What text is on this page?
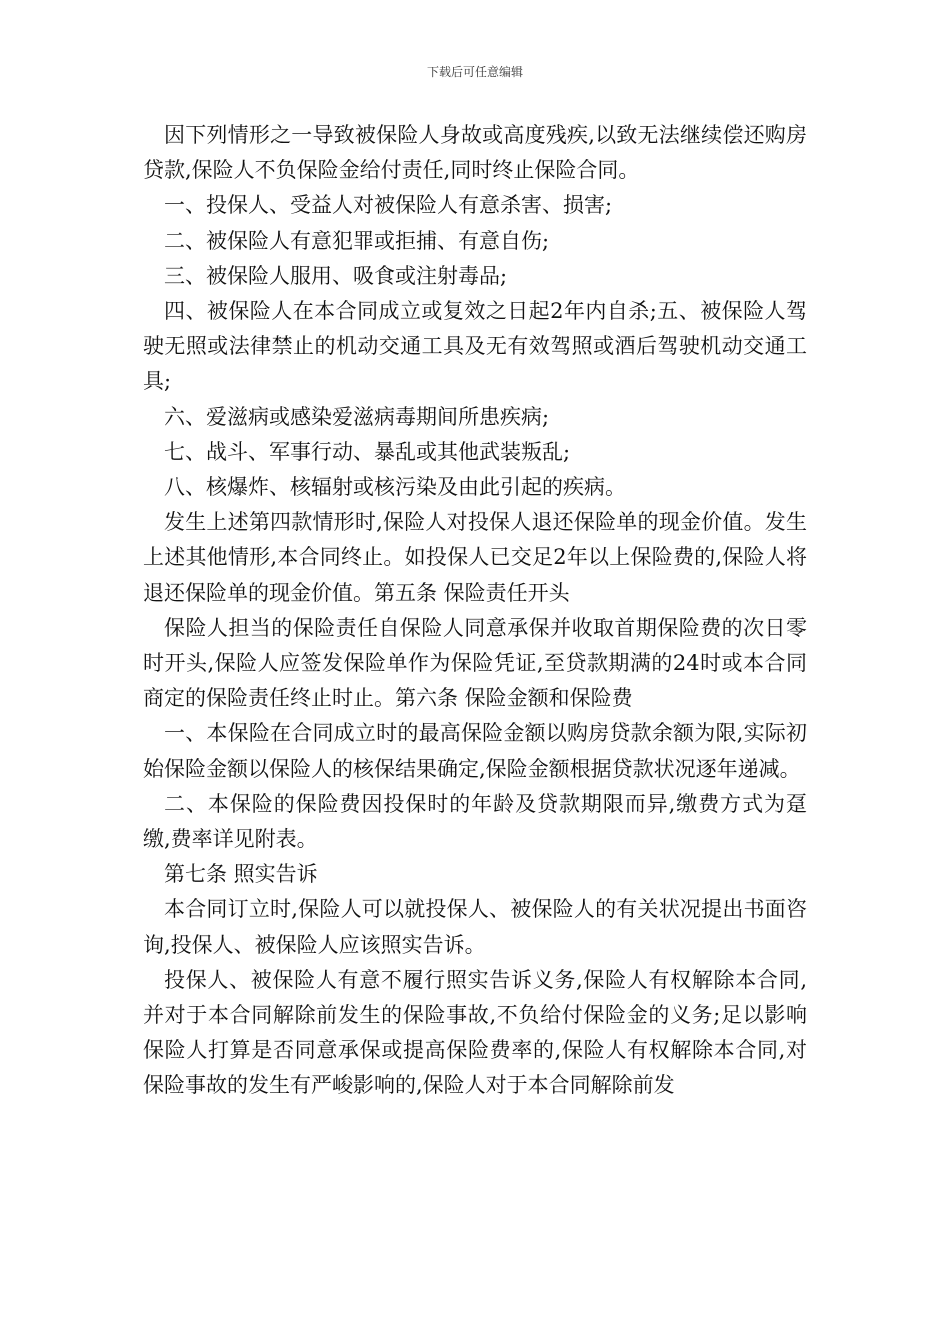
下载后可任意编辑

因下列情形之一导致被保险人身故或高度残疾,以致无法继续偿还购房贷款,保险人不负保险金给付责任,同时终止保险合同。

一、投保人、受益人对被保险人有意杀害、损害;

二、被保险人有意犯罪或拒捕、有意自伤;

三、被保险人服用、吸食或注射毒品;

四、被保险人在本合同成立或复效之日起2年内自杀;五、被保险人驾驶无照或法律禁止的机动交通工具及无有效驾照或酒后驾驶机动交通工具;

六、爱滋病或感染爱滋病毒期间所患疾病;

七、战斗、军事行动、暴乱或其他武装叛乱;

八、核爆炸、核辐射或核污染及由此引起的疾病。

发生上述第四款情形时,保险人对投保人退还保险单的现金价值。发生上述其他情形,本合同终止。如投保人已交足2年以上保险费的,保险人将退还保险单的现金价值。第五条 保险责任开头

保险人担当的保险责任自保险人同意承保并收取首期保险费的次日零时开头,保险人应签发保险单作为保险凭证,至贷款期满的24时或本合同商定的保险责任终止时止。第六条 保险金额和保险费

一、本保险在合同成立时的最高保险金额以购房贷款余额为限,实际初始保险金额以保险人的核保结果确定,保险金额根据贷款状况逐年递减。

二、本保险的保险费因投保时的年龄及贷款期限而异,缴费方式为趸缴,费率详见附表。

第七条 照实告诉

本合同订立时,保险人可以就投保人、被保险人的有关状况提出书面咨询,投保人、被保险人应该照实告诉。

投保人、被保险人有意不履行照实告诉义务,保险人有权解除本合同,并对于本合同解除前发生的保险事故,不负给付保险金的义务;足以影响保险人打算是否同意承保或提高保险费率的,保险人有权解除本合同,对保险事故的发生有严峻影响的,保险人对于本合同解除前发
